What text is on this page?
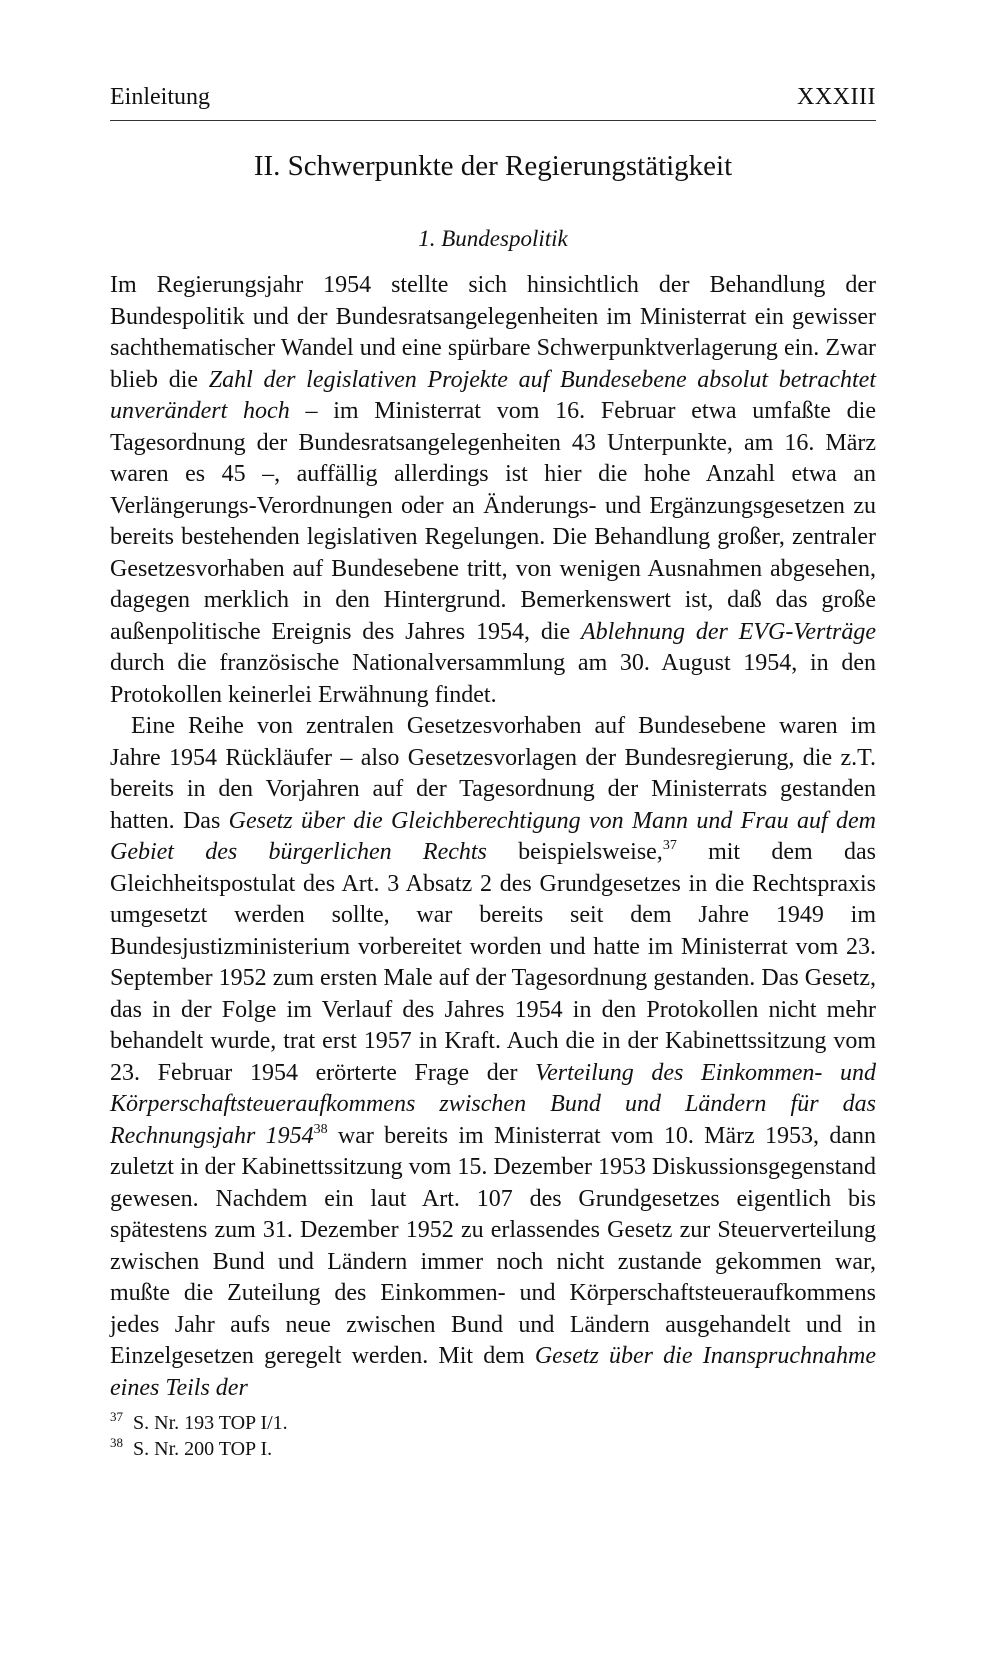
Einleitung	XXXIII
II. Schwerpunkte der Regierungstätigkeit
1. Bundespolitik

Im Regierungsjahr 1954 stellte sich hinsichtlich der Behandlung der Bundespolitik und der Bundesratsangelegenheiten im Ministerrat ein gewisser sachthematischer Wandel und eine spürbare Schwerpunktverlagerung ein. Zwar blieb die Zahl der legislativen Projekte auf Bundesebene absolut betrachtet unverändert hoch – im Ministerrat vom 16. Februar etwa umfaßte die Tagesordnung der Bundesratsangelegenheiten 43 Unterpunkte, am 16. März waren es 45 –, auffällig allerdings ist hier die hohe Anzahl etwa an Verlängerungs-Verordnungen oder an Änderungs- und Ergänzungsgesetzen zu bereits bestehenden legislativen Regelungen. Die Behandlung großer, zentraler Gesetzesvorhaben auf Bundesebene tritt, von wenigen Ausnahmen abgesehen, dagegen merklich in den Hintergrund. Bemerkenswert ist, daß das große außenpolitische Ereignis des Jahres 1954, die Ablehnung der EVG-Verträge durch die französische Nationalversammlung am 30. August 1954, in den Protokollen keinerlei Erwähnung findet.

Eine Reihe von zentralen Gesetzesvorhaben auf Bundesebene waren im Jahre 1954 Rückläufer – also Gesetzesvorlagen der Bundesregierung, die z.T. bereits in den Vorjahren auf der Tagesordnung der Ministerrats gestanden hatten. Das Gesetz über die Gleichberechtigung von Mann und Frau auf dem Gebiet des bürgerlichen Rechts beispielsweise,$^{37}$ mit dem das Gleichheitspostulat des Art. 3 Absatz 2 des Grundgesetzes in die Rechtspraxis umgesetzt werden sollte, war bereits seit dem Jahre 1949 im Bundesjustizministerium vorbereitet worden und hatte im Ministerrat vom 23. September 1952 zum ersten Male auf der Tagesordnung gestanden. Das Gesetz, das in der Folge im Verlauf des Jahres 1954 in den Protokollen nicht mehr behandelt wurde, trat erst 1957 in Kraft. Auch die in der Kabinettssitzung vom 23. Februar 1954 erörterte Frage der Verteilung des Einkommen- und Körperschaftsteueraufkommens zwischen Bund und Ländern für das Rechnungsjahr 1954$^{38}$ war bereits im Ministerrat vom 10. März 1953, dann zuletzt in der Kabinettssitzung vom 15. Dezember 1953 Diskussionsgegenstand gewesen. Nachdem ein laut Art. 107 des Grundgesetzes eigentlich bis spätestens zum 31. Dezember 1952 zu erlassendes Gesetz zur Steuerverteilung zwischen Bund und Ländern immer noch nicht zustande gekommen war, mußte die Zuteilung des Einkommen- und Körperschaftsteueraufkommens jedes Jahr aufs neue zwischen Bund und Ländern ausgehandelt und in Einzelgesetzen geregelt werden. Mit dem Gesetz über die Inanspruchnahme eines Teils der

$^{37}$ S. Nr. 193 TOP I/1.

$^{38}$ S. Nr. 200 TOP I.
